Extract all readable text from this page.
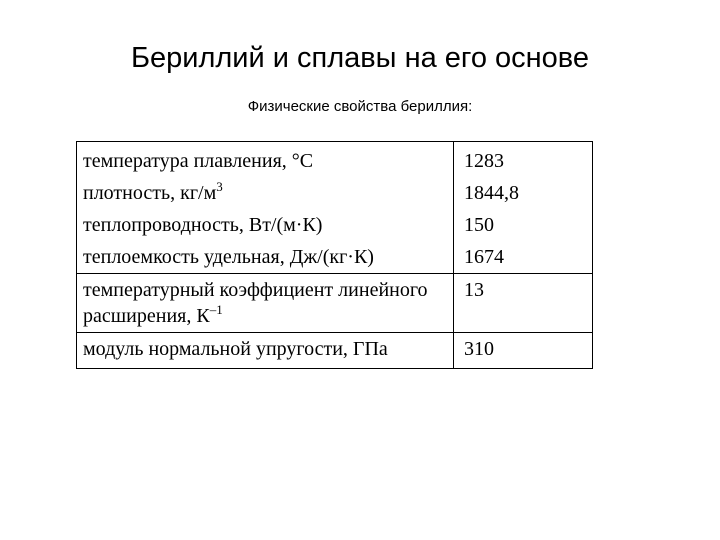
Бериллий и сплавы на его основе
Физические свойства бериллия:
температура плавления, °С	1283
плотность, $кг/м^3$	1844,8
теплопроводность, Вт/(м·К)	150
теплоемкость удельная, Дж/(кг·К)	1674
температурный коэффициент линейного расширения, $К^{-1}$	13
модуль нормальной упругости, ГПа	310
